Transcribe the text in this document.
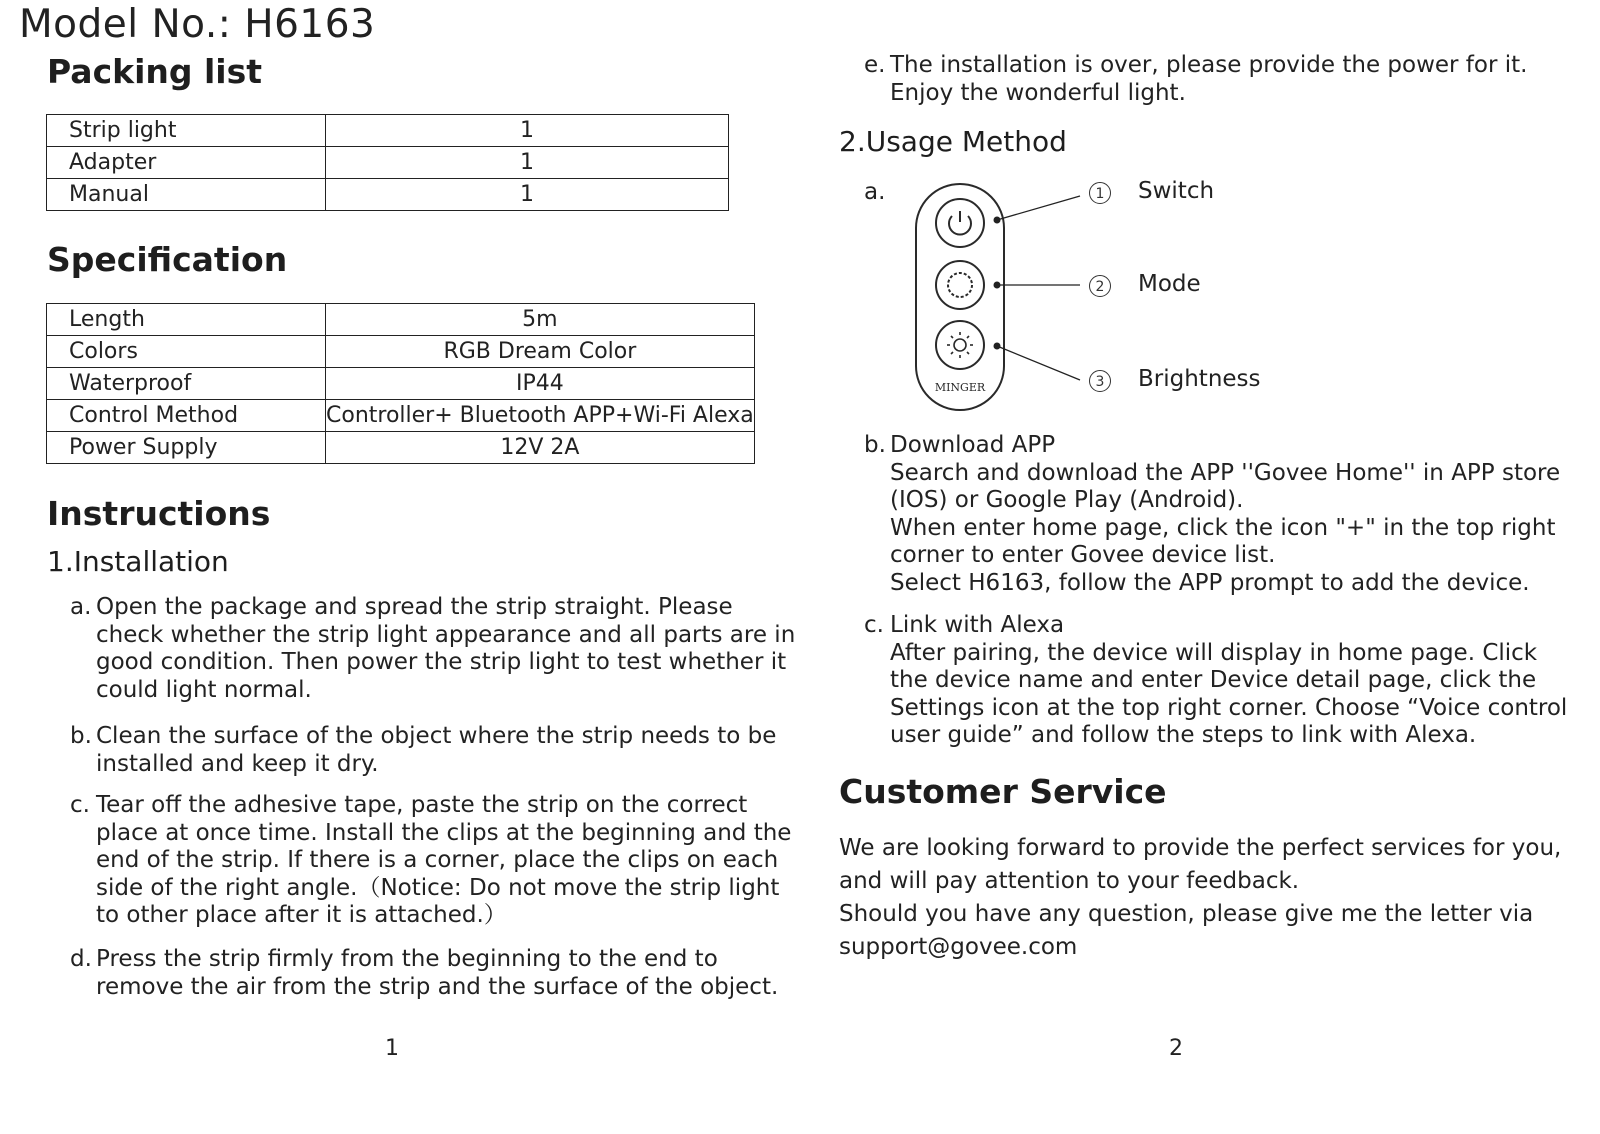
Model No.: H6163
Packing list
Strip light	1
Adapter	1
Manual	1
Specification
Length	5m
Colors	RGB Dream Color
Waterproof	IP44
Control Method	Controller+ Bluetooth APP+Wi-Fi Alexa
Power Supply	12V 2A
Instructions
1.Installation
a. Open the package and spread the strip straight. Please
check whether the strip light appearance and all parts are in
good condition. Then power the strip light to test whether it
could light normal.
b. Clean the surface of the object where the strip needs to be
installed and keep it dry.
c. Tear off the adhesive tape, paste the strip on the correct
place at once time. Install the clips at the beginning and the
end of the strip. If there is a corner, place the clips on each
side of the right angle.（Notice: Do not move the strip light
to other place after it is attached.）
d. Press the strip firmly from the beginning to the end to
remove the air from the strip and the surface of the object.
1
e. The installation is over, please provide the power for it.
Enjoy the wonderful light.
2.Usage Method
a.
MINGER
1 Switch
2 Mode
3 Brightness
b. Download APP
Search and download the APP ''Govee Home'' in APP store
(IOS) or Google Play (Android).
When enter home page, click the icon "+" in the top right
corner to enter Govee device list.
Select H6163, follow the APP prompt to add the device.
c. Link with Alexa
After pairing, the device will display in home page. Click
the device name and enter Device detail page, click the
Settings icon at the top right corner. Choose “Voice control
user guide” and follow the steps to link with Alexa.
Customer Service
We are looking forward to provide the perfect services for you,
and will pay attention to your feedback.
Should you have any question, please give me the letter via
support@govee.com
2
